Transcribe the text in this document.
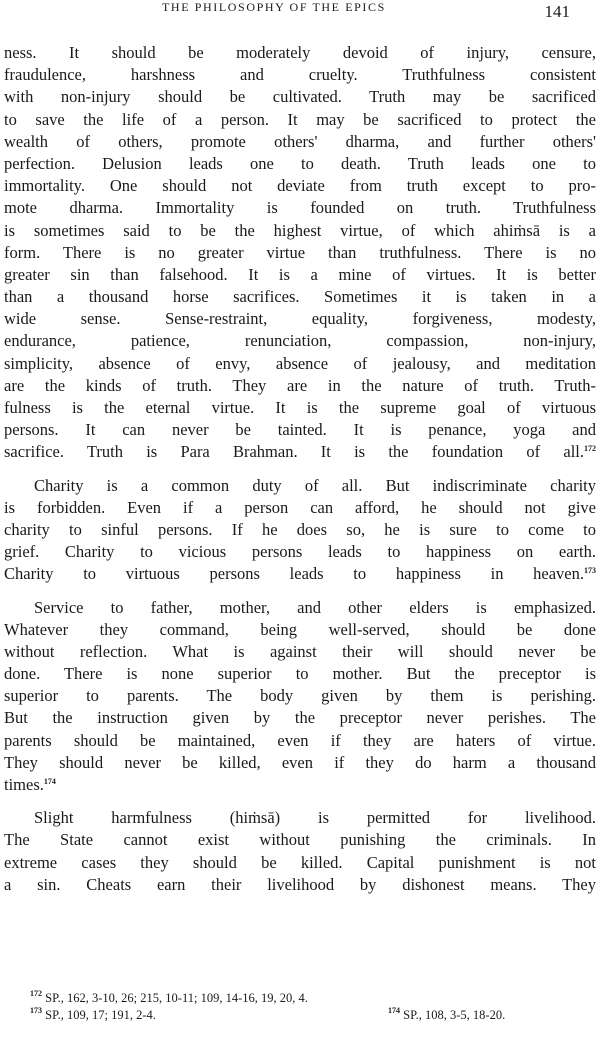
THE PHILOSOPHY OF THE EPICS	141
ness. It should be moderately devoid of injury, censure,
fraudulence, harshness and cruelty. Truthfulness consistent
with non-injury should be cultivated. Truth may be sacrificed
to save the life of a person. It may be sacrificed to protect the
wealth of others, promote others' dharma, and further others'
perfection. Delusion leads one to death. Truth leads one to
immortality. One should not deviate from truth except to pro-
mote dharma. Immortality is founded on truth. Truthfulness
is sometimes said to be the highest virtue, of which ahiṁsā is a
form. There is no greater virtue than truthfulness. There is no
greater sin than falsehood. It is a mine of virtues. It is better
than a thousand horse sacrifices. Sometimes it is taken in a
wide sense. Sense-restraint, equality, forgiveness, modesty,
endurance, patience, renunciation, compassion, non-injury,
simplicity, absence of envy, absence of jealousy, and meditation
are the kinds of truth. They are in the nature of truth. Truth-
fulness is the eternal virtue. It is the supreme goal of virtuous
persons. It can never be tainted. It is penance, yoga and
sacrifice. Truth is Para Brahman. It is the foundation of all.$^{172}$
Charity is a common duty of all. But indiscriminate charity
is forbidden. Even if a person can afford, he should not give
charity to sinful persons. If he does so, he is sure to come to
grief. Charity to vicious persons leads to happiness on earth.
Charity to virtuous persons leads to happiness in heaven.$^{173}$
Service to father, mother, and other elders is emphasized.
Whatever they command, being well-served, should be done
without reflection. What is against their will should never be
done. There is none superior to mother. But the preceptor is
superior to parents. The body given by them is perishing.
But the instruction given by the preceptor never perishes. The
parents should be maintained, even if they are haters of virtue.
They should never be killed, even if they do harm a thousand
times.$^{174}$
Slight harmfulness (hiṁsā) is permitted for livelihood.
The State cannot exist without punishing the criminals. In
extreme cases they should be killed. Capital punishment is not
a sin. Cheats earn their livelihood by dishonest means. They
$^{172}$ SP., 162, 3-10, 26; 215, 10-11; 109, 14-16, 19, 20, 4.
$^{173}$ SP., 109, 17; 191, 2-4.	$^{174}$ SP., 108, 3-5, 18-20.
